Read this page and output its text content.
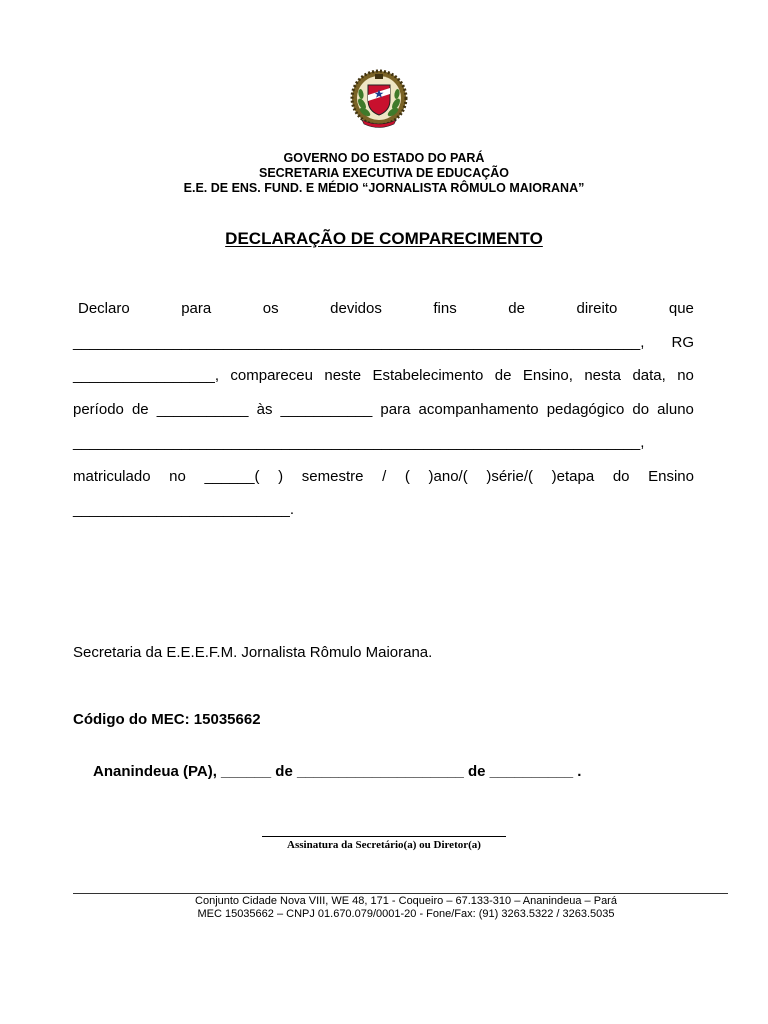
GOVERNO DO ESTADO DO PARÁ
SECRETARIA EXECUTIVA DE EDUCAÇÃO
E.E. DE ENS. FUND. E MÉDIO “JORNALISTA RÔMULO MAIORANA”
DECLARAÇÃO DE COMPARECIMENTO
Declaro	para	os	devidos	fins	de	direito	que
____________________________________________________________________, RG
_________________, compareceu neste Estabelecimento de Ensino, nesta data, no
período de ___________ às ___________ para acompanhamento pedagógico do aluno
____________________________________________________________________,
matriculado no ______( ) semestre / ( )ano/( )série/( )etapa do Ensino
__________________________.
Secretaria da E.E.E.F.M. Jornalista Rômulo Maiorana.
Código do MEC: 15035662
Ananindeua (PA), ______ de ____________________ de __________ .
Assinatura da Secretário(a) ou Diretor(a)
Conjunto Cidade Nova VIII, WE 48, 171 - Coqueiro – 67.133-310 – Ananindeua – Pará
MEC 15035662 – CNPJ 01.670.079/0001-20 - Fone/Fax: (91) 3263.5322 / 3263.5035
